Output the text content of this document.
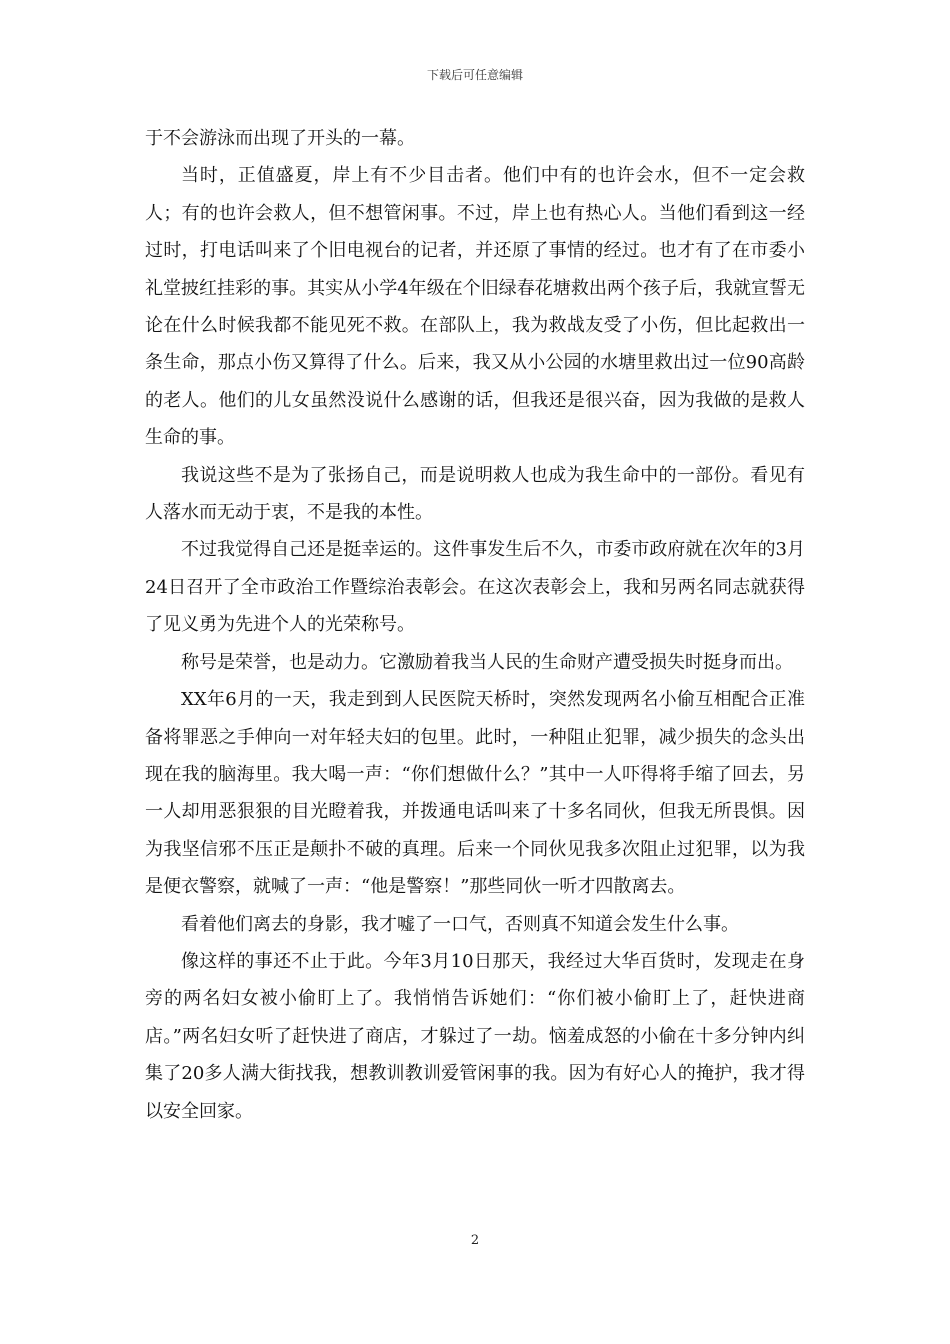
下载后可任意编辑

于不会游泳而出现了开头的一幕。

当时，正值盛夏，岸上有不少目击者。他们中有的也许会水，但不一定会救人；有的也许会救人，但不想管闲事。不过，岸上也有热心人。当他们看到这一经过时，打电话叫来了个旧电视台的记者，并还原了事情的经过。也才有了在市委小礼堂披红挂彩的事。其实从小学4年级在个旧绿春花塘救出两个孩子后，我就宣誓无论在什么时候我都不能见死不救。在部队上，我为救战友受了小伤，但比起救出一条生命，那点小伤又算得了什么。后来，我又从小公园的水塘里救出过一位90高龄的老人。他们的儿女虽然没说什么感谢的话，但我还是很兴奋，因为我做的是救人生命的事。

我说这些不是为了张扬自己，而是说明救人也成为我生命中的一部份。看见有人落水而无动于衷，不是我的本性。

不过我觉得自己还是挺幸运的。这件事发生后不久，市委市政府就在次年的3月24日召开了全市政治工作暨综治表彰会。在这次表彰会上，我和另两名同志就获得了见义勇为先进个人的光荣称号。

称号是荣誉，也是动力。它激励着我当人民的生命财产遭受损失时挺身而出。

XX年6月的一天，我走到到人民医院天桥时，突然发现两名小偷互相配合正准备将罪恶之手伸向一对年轻夫妇的包里。此时，一种阻止犯罪，减少损失的念头出现在我的脑海里。我大喝一声：“你们想做什么？”其中一人吓得将手缩了回去，另一人却用恶狠狠的目光瞪着我，并拨通电话叫来了十多名同伙，但我无所畏惧。因为我坚信邪不压正是颠扑不破的真理。后来一个同伙见我多次阻止过犯罪，以为我是便衣警察，就喊了一声：“他是警察！”那些同伙一听才四散离去。

看着他们离去的身影，我才嘘了一口气，否则真不知道会发生什么事。

像这样的事还不止于此。今年3月10日那天，我经过大华百货时，发现走在身旁的两名妇女被小偷盯上了。我悄悄告诉她们：“你们被小偷盯上了，赶快进商店。”两名妇女听了赶快进了商店，才躲过了一劫。恼羞成怒的小偷在十多分钟内纠集了20多人满大街找我，想教训教训爱管闲事的我。因为有好心人的掩护，我才得以安全回家。

2
